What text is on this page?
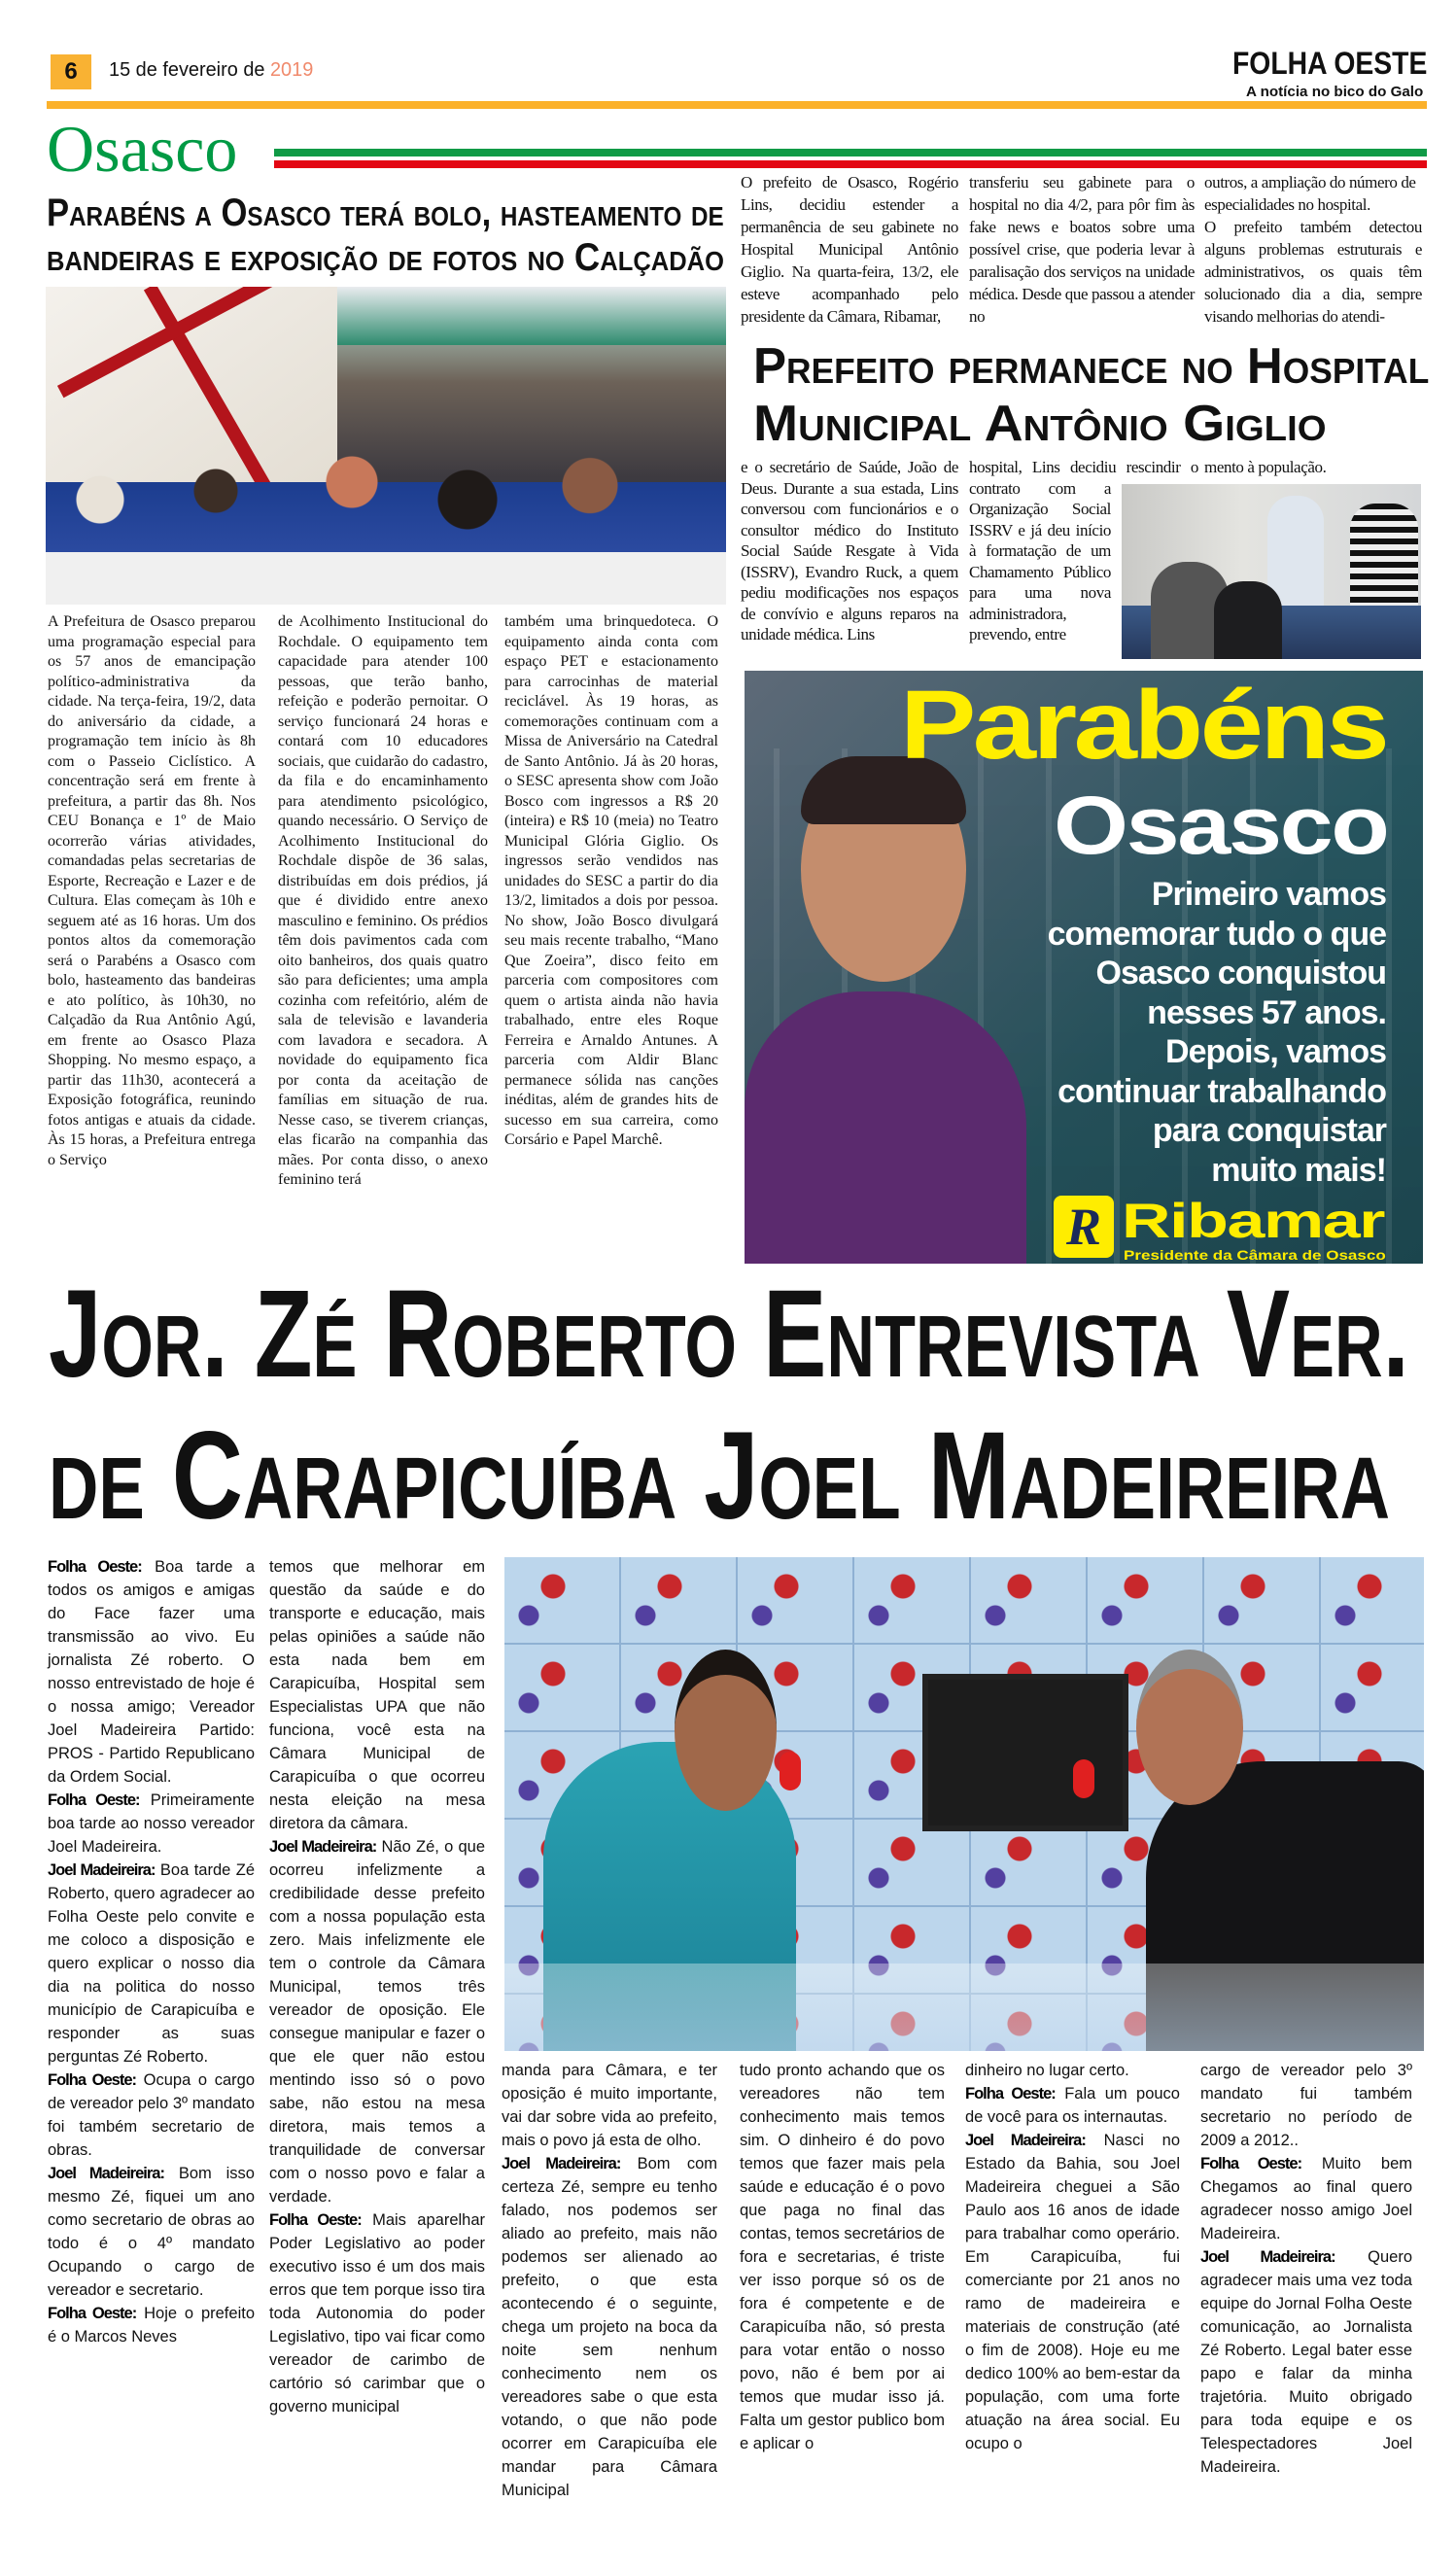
6	15 de fevereiro de 2019	FOLHA OESTE
A notícia no bico do Galo
Osasco
Parabéns a Osasco terá bolo, hasteamento de
bandeiras e exposição de fotos no Calçadão
A Prefeitura de Osasco preparou uma programação especial para os 57 anos de emancipação político-administrativa da cidade. Na terça-feira, 19/2, data do aniversário da cidade, a programação tem início às 8h com o Passeio Ciclístico. A concentração será em frente à prefeitura, a partir das 8h. Nos CEU Bonança e 1º de Maio ocorrerão várias atividades, comandadas pelas secretarias de Esporte, Recreação e Lazer e de Cultura. Elas começam às 10h e seguem até as 16 horas. Um dos pontos altos da comemoração será o Parabéns a Osasco com bolo, hasteamento das bandeiras e ato político, às 10h30, no Calçadão da Rua Antônio Agú, em frente ao Osasco Plaza Shopping. No mesmo espaço, a partir das 11h30, acontecerá a Exposição fotográfica, reunindo fotos antigas e atuais da cidade. Às 15 horas, a Prefeitura entrega o Serviço
de Acolhimento Institucional do Rochdale. O equipamento tem capacidade para atender 100 pessoas, que terão banho, refeição e poderão pernoitar. O serviço funcionará 24 horas e contará com 10 educadores sociais, que cuidarão do cadastro, da fila e do encaminhamento para atendimento psicológico, quando necessário. O Serviço de Acolhimento Institucional do Rochdale dispõe de 36 salas, distribuídas em dois prédios, já que é dividido entre anexo masculino e feminino. Os prédios têm dois pavimentos cada com oito banheiros, dos quais quatro são para deficientes; uma ampla cozinha com refeitório, além de sala de televisão e lavanderia com lavadora e secadora. A novidade do equipamento fica por conta da aceitação de famílias em situação de rua. Nesse caso, se tiverem crianças, elas ficarão na companhia das mães. Por conta disso, o anexo feminino terá
também uma brinquedoteca. O equipamento ainda conta com espaço PET e estacionamento para carrocinhas de material reciclável. Às 19 horas, as comemorações continuam com a Missa de Aniversário na Catedral de Santo Antônio. Já às 20 horas, o SESC apresenta show com João Bosco com ingressos a R$ 20 (inteira) e R$ 10 (meia) no Teatro Municipal Glória Giglio. Os ingressos serão vendidos nas unidades do SESC a partir do dia 13/2, limitados a dois por pessoa. No show, João Bosco divulgará seu mais recente trabalho, “Mano Que Zoeira”, disco feito em parceria com compositores com quem o artista ainda não havia trabalhado, entre eles Roque Ferreira e Arnaldo Antunes. A parceria com Aldir Blanc permanece sólida nas canções inéditas, além de grandes hits de sucesso em sua carreira, como Corsário e Papel Marchê.

O prefeito de Osasco, Rogério Lins, decidiu estender a permanência de seu gabinete no Hospital Municipal Antônio Giglio. Na quarta-feira, 13/2, ele esteve acompanhado pelo presidente da Câmara, Ribamar,

transferiu seu gabinete para o hospital no dia 4/2, para pôr fim às fake news e boatos sobre uma possível crise, que poderia levar à paralisação dos serviços na unidade médica. Desde que passou a atender no

outros, a ampliação do número de especialidades no hospital.

O prefeito também detectou alguns problemas estruturais e administrativos, os quais têm solucionado dia a dia, sempre visando melhorias do atendi-

Prefeito permanece no Hospital
Municipal Antônio Giglio
e o secretário de Saúde, João de Deus. Durante a sua estada, Lins conversou com funcionários e o consultor médico do Instituto Social Saúde Resgate à Vida (ISSRV), Evandro Ruck, a quem pediu modificações nos espaços de convívio e alguns reparos na unidade médica. Lins
hospital, Lins decidiu rescindir o contrato com a Organização Social ISSRV e já deu início à formatação de um Chamamento Público para uma nova administradora, prevendo, entre
mento à população.
Parabéns
Osasco
Primeiro vamos
comemorar tudo o que
Osasco conquistou
nesses 57 anos.
Depois, vamos
continuar trabalhando
para conquistar
muito mais!
R Ribamar
Presidente da Câmara de Osasco
Jor. Zé Roberto Entrevista Ver.
de Carapicuíba Joel Madeireira

Folha Oeste: Boa tarde a todos os amigos e amigas do Face fazer uma transmissão ao vivo. Eu jornalista Zé roberto. O nosso entrevistado de hoje é o nossa amigo; Vereador Joel Madeireira Partido: PROS - Partido Republicano da Ordem Social.

Folha Oeste: Primeiramente boa tarde ao nosso vereador Joel Madeireira.

Joel Madeireira: Boa tarde Zé Roberto, quero agradecer ao Folha Oeste pelo convite e me coloco a disposição e quero explicar o nosso dia dia na politica do nosso município de Carapicuíba e responder as suas perguntas Zé Roberto.

Folha Oeste: Ocupa o cargo de vereador pelo 3º mandato foi também secretario de obras.

Joel Madeireira: Bom isso mesmo Zé, fiquei um ano como secretario de obras ao todo é o 4º mandato Ocupando o cargo de vereador e secretario.

Folha Oeste: Hoje o prefeito é o Marcos Neves

temos que melhorar em questão da saúde e do transporte e educação, mais pelas opiniões a saúde não esta nada bem em Carapicuíba, Hospital sem Especialistas UPA que não funciona, você esta na Câmara Municipal de Carapicuíba o que ocorreu nesta eleição na mesa diretora da câmara.

Joel Madeireira: Não Zé, o que ocorreu infelizmente a credibilidade desse prefeito com a nossa população esta zero. Mais infelizmente ele tem o controle da Câmara Municipal, temos três vereador de oposição. Ele consegue manipular e fazer o que ele quer não estou mentindo isso só o povo sabe, não estou na mesa diretora, mais temos a tranquilidade de conversar com o nosso povo e falar a verdade.

Folha Oeste: Mais aparelhar Poder Legislativo ao poder executivo isso é um dos mais erros que tem porque isso tira toda Autonomia do poder Legislativo, tipo vai ficar como vereador de carimbo de cartório só carimbar que o governo municipal

manda para Câmara, e ter oposição é muito importante, vai dar sobre vida ao prefeito, mais o povo já esta de olho.

Joel Madeireira: Bom com certeza Zé, sempre eu tenho falado, nos podemos ser aliado ao prefeito, mais não podemos ser alienado ao prefeito, o que esta acontecendo é o seguinte, chega um projeto na boca da noite sem nenhum conhecimento nem os vereadores sabe o que esta votando, o que não pode ocorrer em Carapicuíba ele mandar para Câmara Municipal

tudo pronto achando que os vereadores não tem conhecimento mais temos sim. O dinheiro é do povo temos que fazer mais pela saúde e educação é o povo que paga no final das contas, temos secretários de fora e secretarias, é triste ver isso porque só os de fora é competente e de Carapicuíba não, só presta para votar então o nosso povo, não é bem por ai temos que mudar isso já. Falta um gestor publico bom e aplicar o

dinheiro no lugar certo.

Folha Oeste: Fala um pouco de você para os internautas.

Joel Madeireira: Nasci no Estado da Bahia, sou Joel Madeireira cheguei a São Paulo aos 16 anos de idade para trabalhar como operário. Em Carapicuíba, fui comerciante por 21 anos no ramo de madeireira e materiais de construção (até o fim de 2008). Hoje eu me dedico 100% ao bem-estar da população, com uma forte atuação na área social. Eu ocupo o

cargo de vereador pelo 3º mandato fui também secretario no período de 2009 a 2012..

Folha Oeste: Muito bem Chegamos ao final quero agradecer nosso amigo Joel Madeireira.

Joel Madeireira: Quero agradecer mais uma vez toda equipe do Jornal Folha Oeste comunicação, ao Jornalista Zé Roberto. Legal bater esse papo e falar da minha trajetória. Muito obrigado para toda equipe e os Telespectadores Joel Madeireira.
